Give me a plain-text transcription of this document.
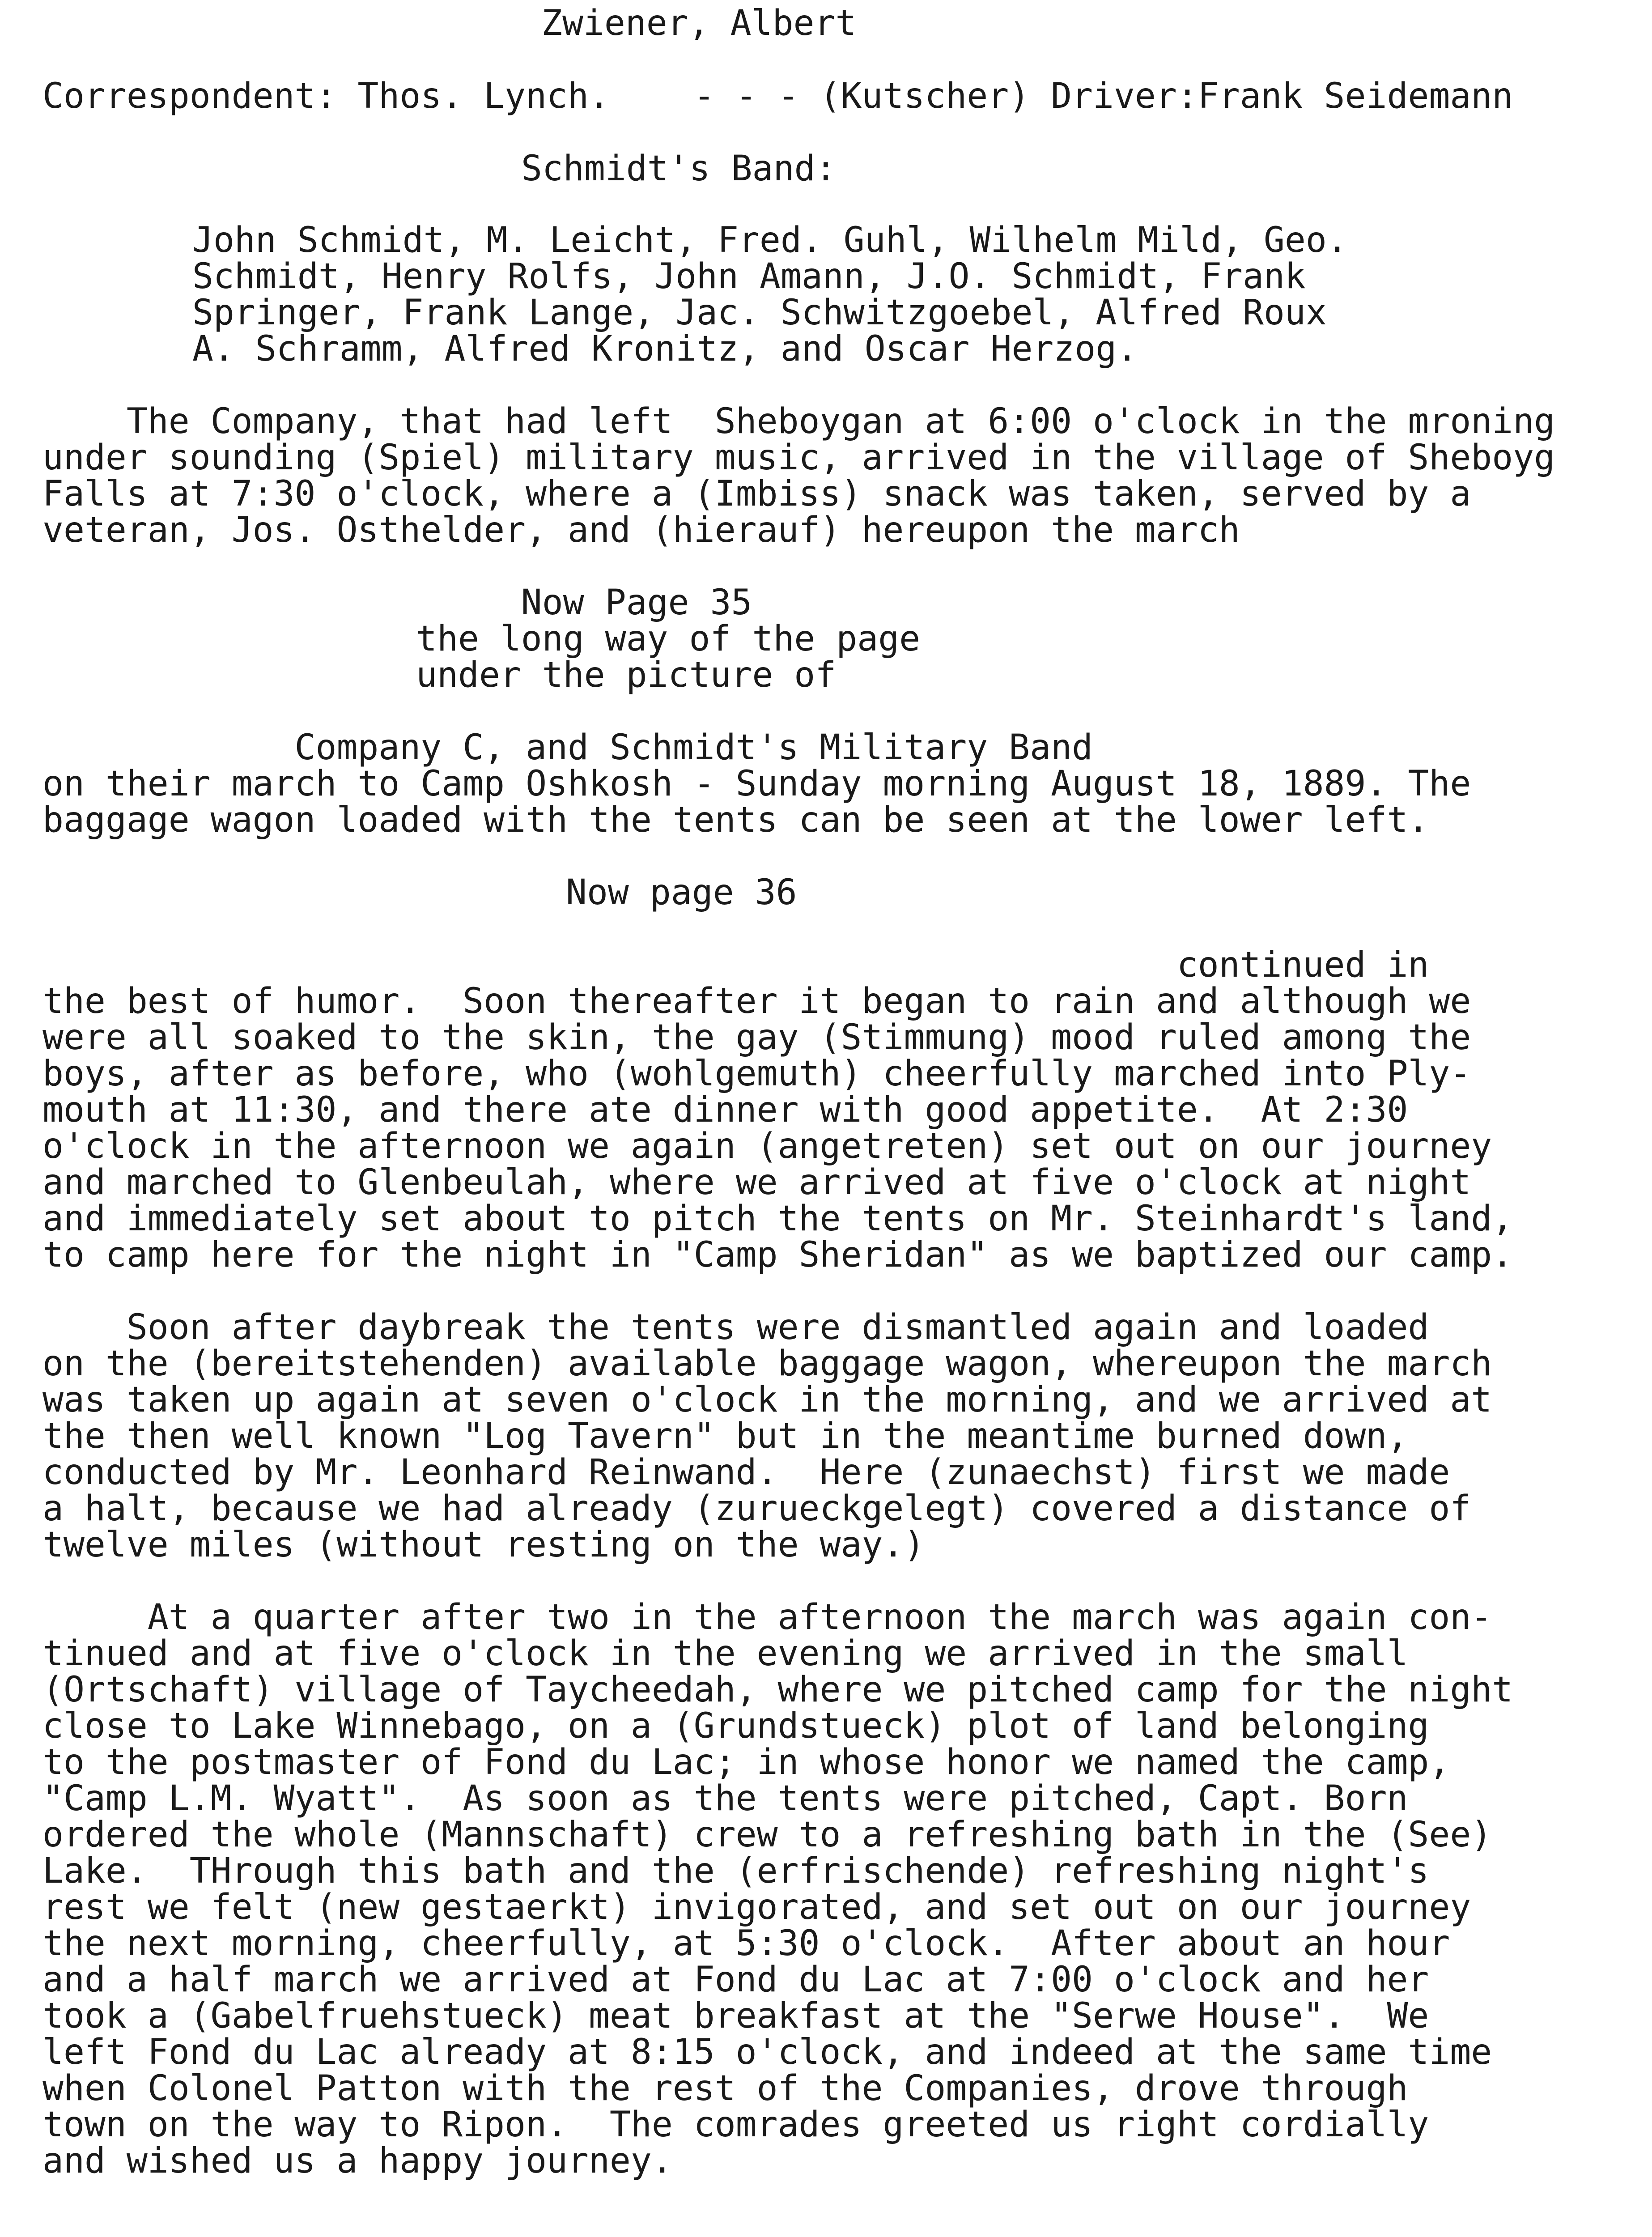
Zwiener, Albert
Correspondent: Thos. Lynch.    - - - (Kutscher) Driver:Frank Seidemann
Schmidt's Band:
John Schmidt, M. Leicht, Fred. Guhl, Wilhelm Mild, Geo.
Schmidt, Henry Rolfs, John Amann, J.O. Schmidt, Frank
Springer, Frank Lange, Jac. Schwitzgoebel, Alfred Roux
A. Schramm, Alfred Kronitz, and Oscar Herzog.
The Company, that had left  Sheboygan at 6:00 o'clock in the mroning
under sounding (Spiel) military music, arrived in the village of Sheboyg
Falls at 7:30 o'clock, where a (Imbiss) snack was taken, served by a
veteran, Jos. Osthelder, and (hierauf) hereupon the march
Now Page 35
the long way of the page
under the picture of
Company C, and Schmidt's Military Band
on their march to Camp Oshkosh - Sunday morning August 18, 1889. The
baggage wagon loaded with the tents can be seen at the lower left.
Now page 36
continued in
the best of humor.  Soon thereafter it began to rain and although we
were all soaked to the skin, the gay (Stimmung) mood ruled among the
boys, after as before, who (wohlgemuth) cheerfully marched into Ply-
mouth at 11:30, and there ate dinner with good appetite.  At 2:30
o'clock in the afternoon we again (angetreten) set out on our journey
and marched to Glenbeulah, where we arrived at five o'clock at night
and immediately set about to pitch the tents on Mr. Steinhardt's land,
to camp here for the night in "Camp Sheridan" as we baptized our camp.
Soon after daybreak the tents were dismantled again and loaded
on the (bereitstehenden) available baggage wagon, whereupon the march
was taken up again at seven o'clock in the morning, and we arrived at
the then well known "Log Tavern" but in the meantime burned down,
conducted by Mr. Leonhard Reinwand.  Here (zunaechst) first we made
a halt, because we had already (zurueckgelegt) covered a distance of
twelve miles (without resting on the way.)
At a quarter after two in the afternoon the march was again con-
tinued and at five o'clock in the evening we arrived in the small
(Ortschaft) village of Taycheedah, where we pitched camp for the night
close to Lake Winnebago, on a (Grundstueck) plot of land belonging
to the postmaster of Fond du Lac; in whose honor we named the camp,
"Camp L.M. Wyatt".  As soon as the tents were pitched, Capt. Born
ordered the whole (Mannschaft) crew to a refreshing bath in the (See)
Lake.  THrough this bath and the (erfrischende) refreshing night's
rest we felt (new gestaerkt) invigorated, and set out on our journey
the next morning, cheerfully, at 5:30 o'clock.  After about an hour
and a half march we arrived at Fond du Lac at 7:00 o'clock and her
took a (Gabelfruehstueck) meat breakfast at the "Serwe House".  We
left Fond du Lac already at 8:15 o'clock, and indeed at the same time
when Colonel Patton with the rest of the Companies, drove through
town on the way to Ripon.  The comrades greeted us right cordially
and wished us a happy journey.
